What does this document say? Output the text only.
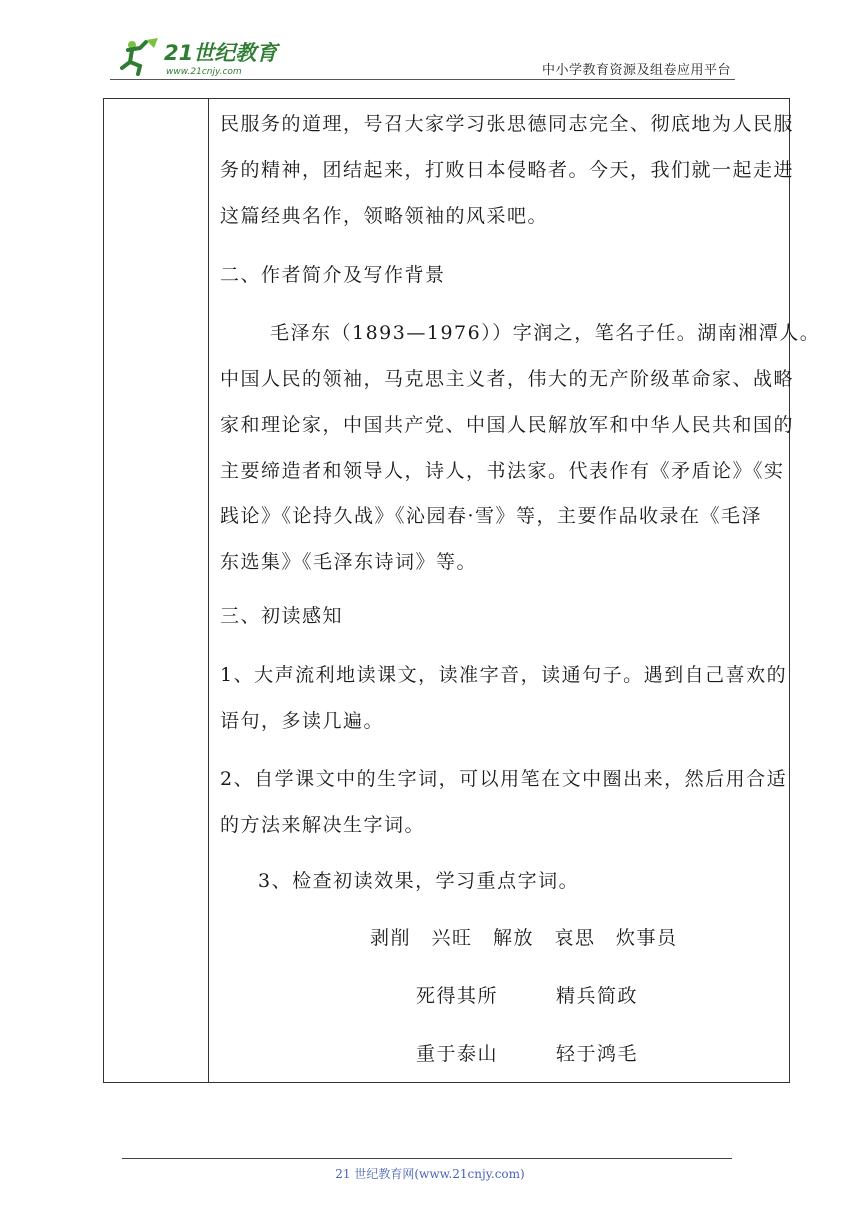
21世纪教育
www.21cnjy.com	中小学教育资源及组卷应用平台
民服务的道理，号召大家学习张思德同志完全、彻底地为人民服
务的精神，团结起来，打败日本侵略者。今天，我们就一起走进
这篇经典名作，领略领袖的风采吧。
二、作者简介及写作背景
毛泽东（1893—1976））字润之，笔名子任。湖南湘潭人。
中国人民的领袖，马克思主义者，伟大的无产阶级革命家、战略
家和理论家，中国共产党、中国人民解放军和中华人民共和国的
主要缔造者和领导人，诗人，书法家。代表作有《矛盾论》《实
践论》《论持久战》《沁园春·雪》等，主要作品收录在《毛泽
东选集》《毛泽东诗词》等。
三、初读感知
1、大声流利地读课文，读准字音，读通句子。遇到自己喜欢的
语句，多读几遍。
2、自学课文中的生字词，可以用笔在文中圈出来，然后用合适
的方法来解决生字词。
3、检查初读效果，学习重点字词。
剥削　兴旺　解放　哀思　炊事员
死得其所	精兵简政
重于泰山	轻于鸿毛
21 世纪教育网(www.21cnjy.com)
